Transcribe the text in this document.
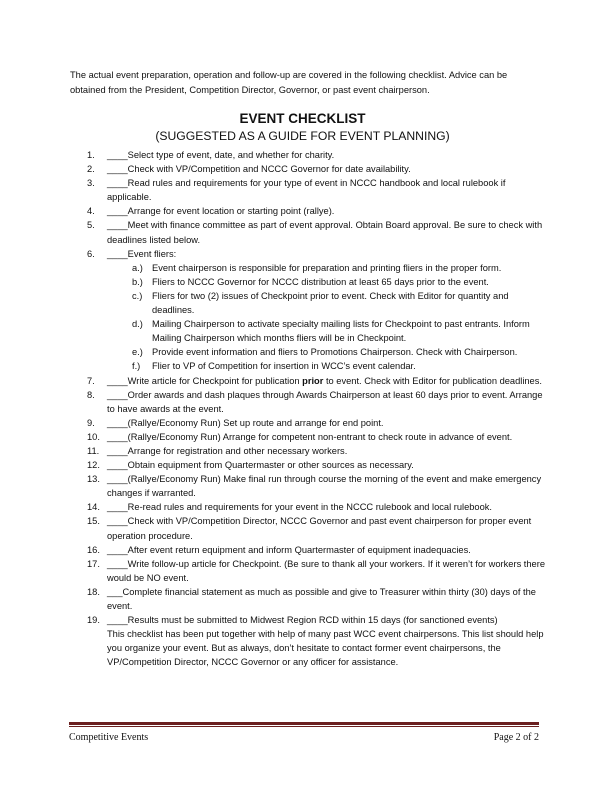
The actual event preparation, operation and follow-up are covered in the following checklist. Advice can be obtained from the President, Competition Director, Governor, or past event chairperson.
EVENT CHECKLIST
(SUGGESTED AS A GUIDE FOR EVENT PLANNING)
1.	____Select type of event, date, and whether for charity.
2.	____Check with VP/Competition and NCCC Governor for date availability.
3.	____Read rules and requirements for your type of event in NCCC handbook and local rulebook if applicable.
4.	____Arrange for event location or starting point (rallye).
5.	____Meet with finance committee as part of event approval. Obtain Board approval. Be sure to check with deadlines listed below.
6.	____Event fliers:
a.) Event chairperson is responsible for preparation and printing fliers in the proper form.
b.) Fliers to NCCC Governor for NCCC distribution at least 65 days prior to the event.
c.) Fliers for two (2) issues of Checkpoint prior to event. Check with Editor for quantity and deadlines.
d.) Mailing Chairperson to activate specialty mailing lists for Checkpoint to past entrants. Inform Mailing Chairperson which months fliers will be in Checkpoint.
e.) Provide event information and fliers to Promotions Chairperson. Check with Chairperson.
f.) Flier to VP of Competition for insertion in WCC’s event calendar.
7.	____Write article for Checkpoint for publication prior to event. Check with Editor for publication deadlines.
8.	____Order awards and dash plaques through Awards Chairperson at least 60 days prior to event. Arrange to have awards at the event.
9.	____(Rallye/Economy Run) Set up route and arrange for end point.
10. ____(Rallye/Economy Run) Arrange for competent non-entrant to check route in advance of event.
11. ____Arrange for registration and other necessary workers.
12. ____Obtain equipment from Quartermaster or other sources as necessary.
13. ____(Rallye/Economy Run) Make final run through course the morning of the event and make emergency changes if warranted.
14. ____Re-read rules and requirements for your event in the NCCC rulebook and local rulebook.
15. ____Check with VP/Competition Director, NCCC Governor and past event chairperson for proper event operation procedure.
16. ____After event return equipment and inform Quartermaster of equipment inadequacies.
17. ____Write follow-up article for Checkpoint. (Be sure to thank all your workers. If it weren’t for workers there would be NO event.
18. ___Complete financial statement as much as possible and give to Treasurer within thirty (30) days of the event.
19. ____Results must be submitted to Midwest Region RCD within 15 days (for sanctioned events)
This checklist has been put together with help of many past WCC event chairpersons. This list should help you organize your event. But as always, don’t hesitate to contact former event chairpersons, the VP/Competition Director, NCCC Governor or any officer for assistance.
Competitive Events	Page 2 of 2
